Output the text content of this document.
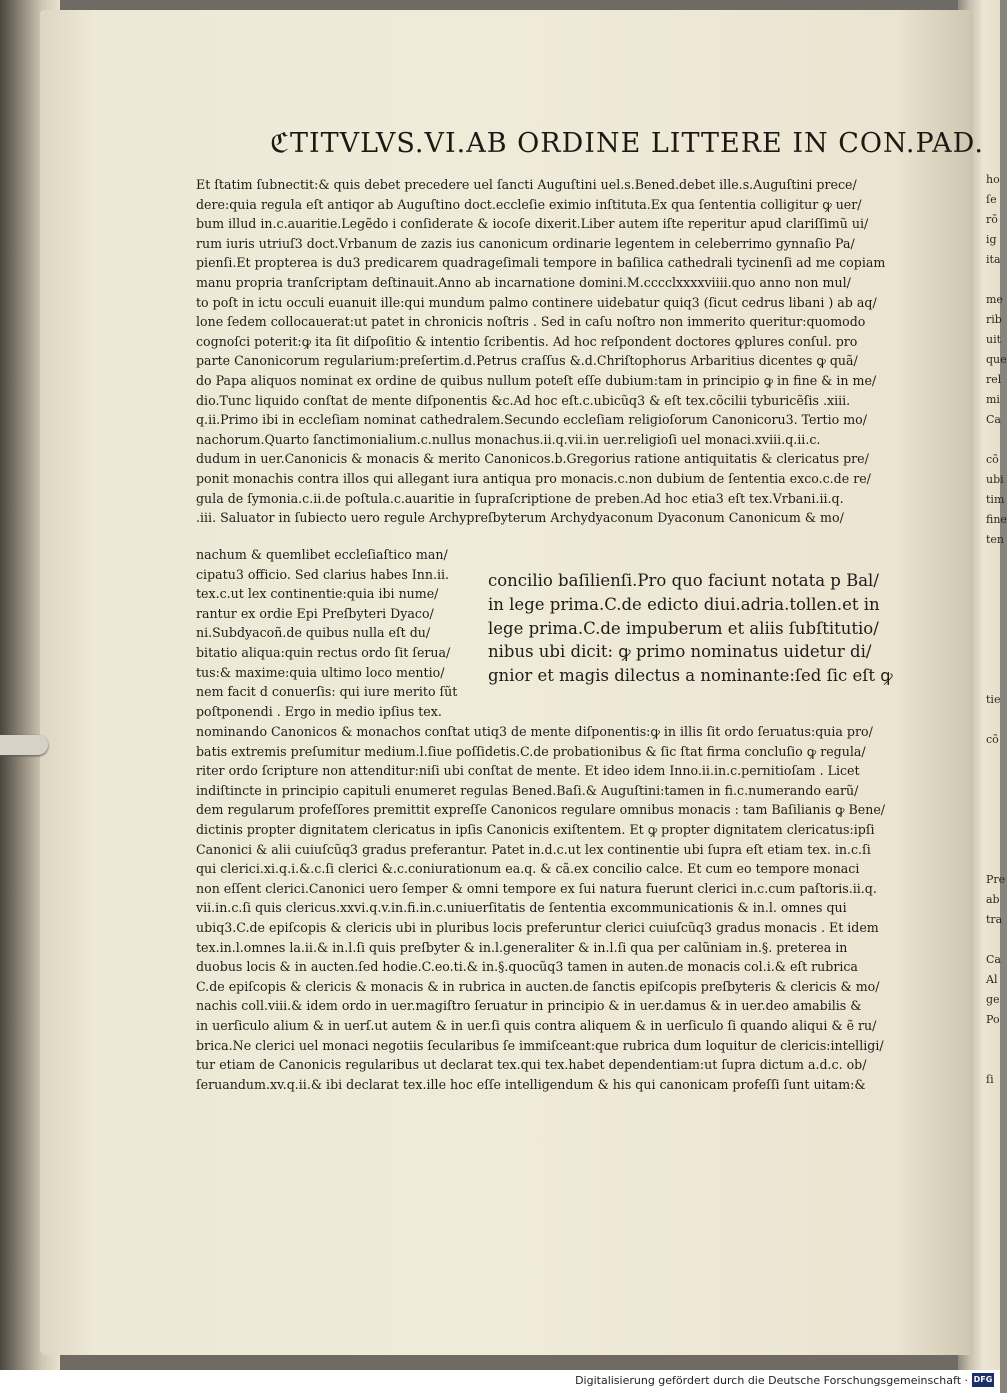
ℭTITVLVS.VI.AB ORDINE LITTERE IN CON.PAD.
Et ſtatim ſubnectit:& quis debet precedere uel ſancti Auguſtini uel.s.Bened.debet ille.s.Auguſtini prece/
dere:quia regula eſt antiqor ab Auguſtino doct.eccleſie eximio inſtituta.Ex qua ſententia colligitur ꝙ uer/
bum illud in.c.auaritie.Legẽdo i conſiderate & iocoſe dixerit.Liber autem iſte reperitur apud clariſſimũ ui/
rum iuris utriuſ3 doct.Vrbanum de zazis ius canonicum ordinarie legentem in celeberrimo gynnaſio Pa/
pienſi.Et propterea is du3 predicarem quadrageſimali tempore in baſilica cathedrali tycinenſi ad me copiam
manu propria tranſcriptam deſtinauit.Anno ab incarnatione domini.M.cccclxxxxviiii.quo anno non mul/
to poſt in ictu occuli euanuit ille:qui mundum palmo continere uidebatur quiq3 (ſicut cedrus libani ) ab aq/
lone ſedem collocauerat:ut patet in chronicis noſtris . Sed in caſu noſtro non immerito queritur:quomodo
cognoſci poterit:ꝙ ita ſit diſpoſitio & intentio ſcribentis. Ad hoc reſpondent doctores ꝙplures conſul. pro
parte Canonicorum regularium:preſertim.d.Petrus craſſus &.d.Chriſtophorus Arbaritius dicentes ꝙ quã/
do Papa aliquos nominat ex ordine de quibus nullum poteſt eſſe dubium:tam in principio ꝙ in fine & in me/
dio.Tunc liquido conſtat de mente diſponentis &c.Ad hoc eſt.c.ubicũq3 & eſt tex.cõcilii tyburicẽſis .xiii.
q.ii.Primo ibi in eccleſiam nominat cathedralem.Secundo eccleſiam religioſorum Canonicoru3. Tertio mo/
nachorum.Quarto ſanctimonialium.c.nullus monachus.ii.q.vii.in uer.religioſi uel monaci.xviii.q.ii.c.
dudum in uer.Canonicis & monacis & merito Canonicos.b.Gregorius ratione antiquitatis & clericatus pre/
ponit monachis contra illos qui allegant iura antiqua pro monacis.c.non dubium de ſententia exco.c.de re/
gula de ſymonia.c.ii.de poſtula.c.auaritie in ſupraſcriptione de preben.Ad hoc etia3 eſt tex.Vrbani.ii.q.
.iii. Saluator in ſubiecto uero regule Archypreſbyterum Archydyaconum Dyaconum Canonicum & mo/
nachum & quemlibet eccleſiaſtico man/
cipatu3 officio. Sed clarius habes Inn.ii.
tex.c.ut lex continentie:quia ibi nume/
rantur ex ordie Epi Preſbyteri Dyaco/
ni.Subdyacoñ.de quibus nulla eſt du/
bitatio aliqua:quin rectus ordo ſit ſerua/
tus:& maxime:quia ultimo loco mentio/
nem facit d conuerſis: qui iure merito ſũt
poſtponendi . Ergo in medio ipſius tex.
concilio baſilienſi.Pro quo faciunt notata p Bal/
in lege prima.C.de edicto diui.adria.tollen.et in
lege prima.C.de impuberum et aliis ſubſtitutio/
nibus ubi dicit: ꝙ primo nominatus uidetur di/
gnior et magis dilectus a nominante:ſed ſic eſt ꝙ
nominando Canonicos & monachos conſtat utiq3 de mente diſponentis:ꝙ in illis ſit ordo ſeruatus:quia pro/
batis extremis preſumitur medium.l.ſiue poſſidetis.C.de probationibus & ſic ſtat firma concluſio ꝙ regula/
riter ordo ſcripture non attenditur:niſi ubi conſtat de mente. Et ideo idem Inno.ii.in.c.pernitioſam . Licet
indiſtincte in principio capituli enumeret regulas Bened.Baſi.& Auguſtini:tamen in fi.c.numerando earũ/
dem regularum profeſſores premittit expreſſe Canonicos regulare omnibus monacis : tam Baſilianis ꝙ Bene/
dictinis propter dignitatem clericatus in ipſis Canonicis exiſtentem. Et ꝙ propter dignitatem clericatus:ipſi
Canonici & alii cuiuſcũq3 gradus preferantur. Patet in.d.c.ut lex continentie ubi ſupra eſt etiam tex. in.c.ſi
qui clerici.xi.q.i.&.c.ſi clerici &.c.coniurationum ea.q. & cã.ex concilio calce. Et cum eo tempore monaci
non eſſent clerici.Canonici uero ſemper & omni tempore ex ſui natura fuerunt clerici in.c.cum paſtoris.ii.q.
vii.in.c.ſi quis clericus.xxvi.q.v.in.fi.in.c.uniuerſitatis de ſententia excommunicationis & in.l. omnes qui
ubiq3.C.de epiſcopis & clericis ubi in pluribus locis preferuntur clerici cuiuſcũq3 gradus monacis . Et idem
tex.in.l.omnes la.ii.& in.l.ſi quis preſbyter & in.l.generaliter & in.l.ſi qua per calũniam in.§. preterea in
duobus locis & in aucten.ſed hodie.C.eo.ti.& in.§.quocũq3 tamen in auten.de monacis col.i.& eſt rubrica
C.de epiſcopis & clericis & monacis & in rubrica in aucten.de ſanctis epiſcopis preſbyteris & clericis & mo/
nachis coll.viii.& idem ordo in uer.magiſtro ſeruatur in principio & in uer.damus & in uer.deo amabilis &
in uerſiculo alium & in uerſ.ut autem & in uer.ſi quis contra aliquem & in uerſiculo ſi quando aliqui & ẽ ru/
brica.Ne clerici uel monaci negotiis ſecularibus ſe immiſceant:que rubrica dum loquitur de clericis:intelligi/
tur etiam de Canonicis regularibus ut declarat tex.qui tex.habet dependentiam:ut ſupra dictum a.d.c. ob/
ſeruandum.xv.q.ii.& ibi declarat tex.ille hoc eſſe intelligendum & his qui canonicam profeſſi ſunt uitam:&
ho
ſe
rõ
ig
ita

me
rib
uit
que
rel
mi
Ca

cõ
ubi
tim
fine
ten

tie

cõ

Pre
ab
tra

Ca
Al
ge
Po

ſi
Digitalisierung gefördert durch die Deutsche Forschungsgemeinschaft · DFG
